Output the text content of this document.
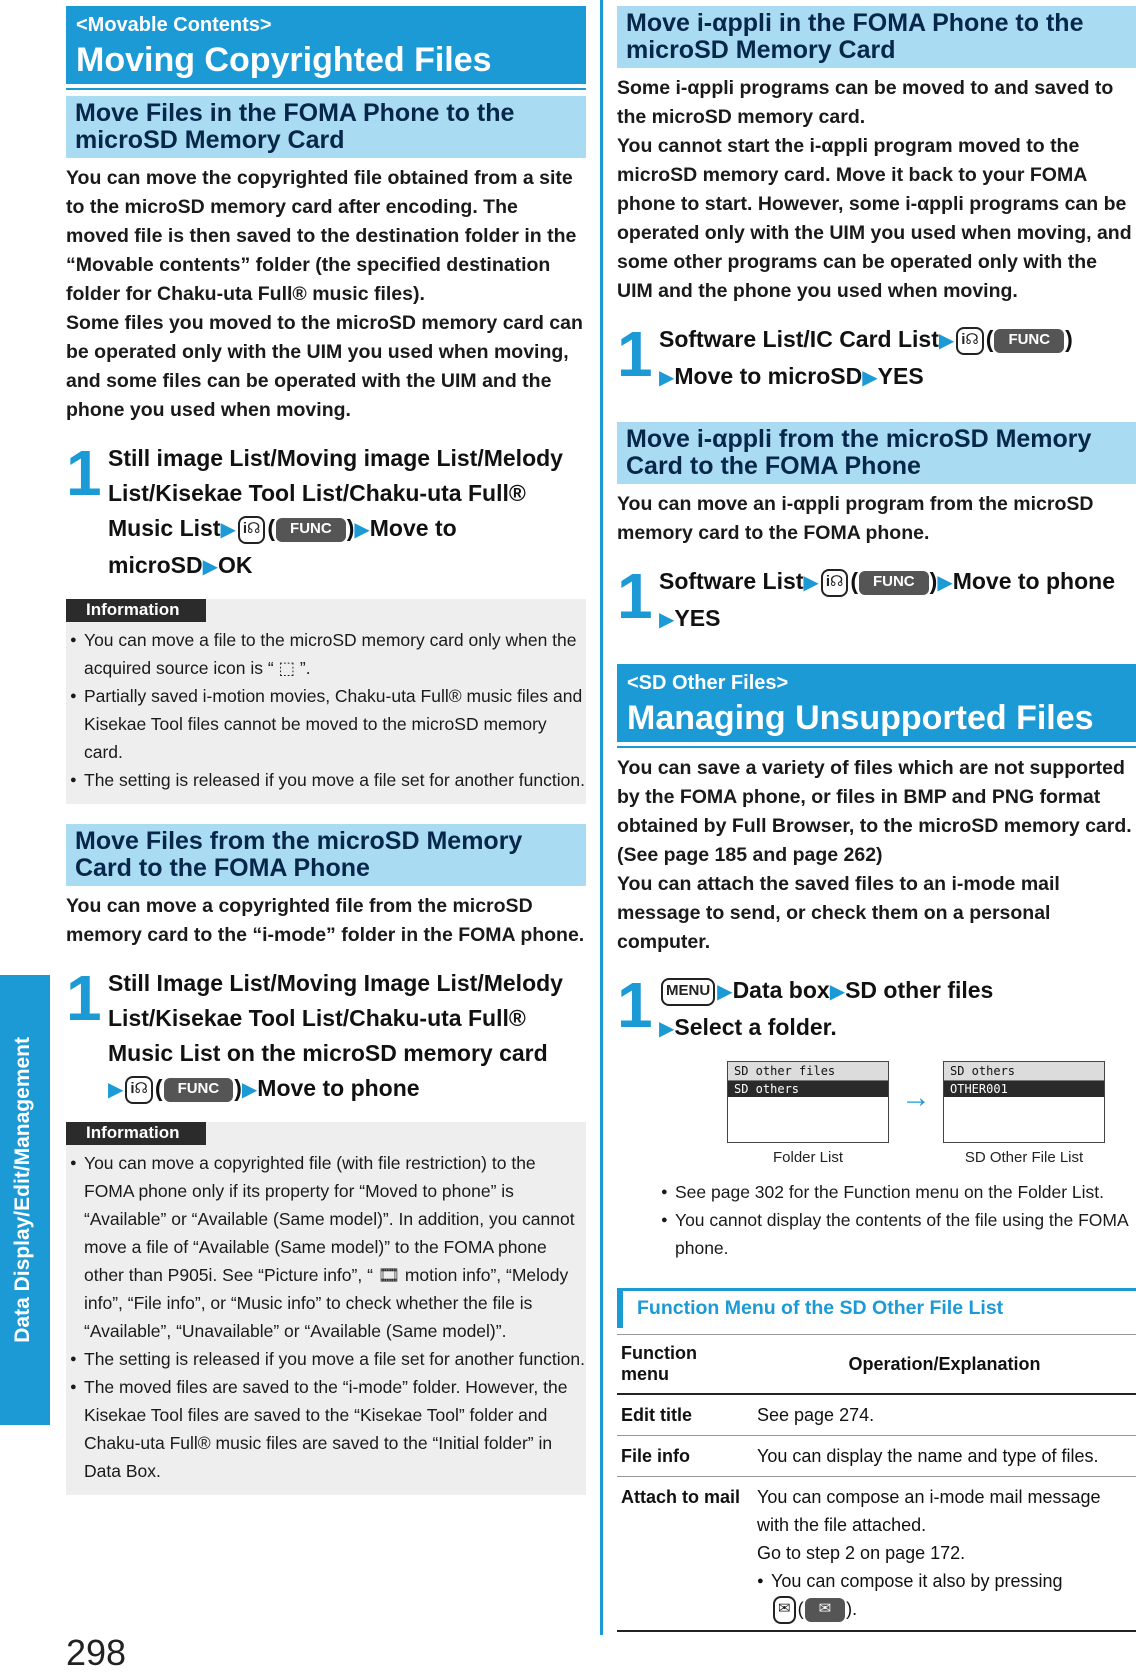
Data Display/Edit/Management
<Movable Contents>
Moving Copyrighted Files
Move Files in the FOMA Phone to the microSD Memory Card

You can move the copyrighted file obtained from a site to the microSD memory card after encoding. The moved file is then saved to the destination folder in the “Movable contents” folder (the specified destination folder for Chaku-uta Full® music files).

Some files you moved to the microSD memory card can be operated only with the UIM you used when moving, and some files can be operated with the UIM and the phone you used when moving.

1 Still image List/Moving image List/Melody List/Kisekae Tool List/Chaku-uta Full® Music List▶ i☊ ( FUNC )▶Move to microSD▶OK
Information
● You can move a file to the microSD memory card only when the acquired source icon is “ ⬚ ”.
● Partially saved i-motion movies, Chaku-uta Full® music files and Kisekae Tool files cannot be moved to the microSD memory card.
● The setting is released if you move a file set for another function.
Move Files from the microSD Memory Card to the FOMA Phone

You can move a copyrighted file from the microSD memory card to the “i-mode” folder in the FOMA phone.

1 Still Image List/Moving Image List/Melody List/Kisekae Tool List/Chaku-uta Full® Music List on the microSD memory card
▶ i☊ ( FUNC )▶Move to phone
Information
● You can move a copyrighted file (with file restriction) to the FOMA phone only if its property for “Moved to phone” is “Available” or “Available (Same model)”. In addition, you cannot move a file of “Available (Same model)” to the FOMA phone other than P905i. See “Picture info”, “ 🎞 motion info”, “Melody info”, “File info”, or “Music info” to check whether the file is “Available”, “Unavailable” or “Available (Same model)”.
● The setting is released if you move a file set for another function.
● The moved files are saved to the “i-mode” folder. However, the Kisekae Tool files are saved to the “Kisekae Tool” folder and Chaku-uta Full® music files are saved to the “Initial folder” in Data Box.
Move i-αppli in the FOMA Phone to the microSD Memory Card

Some i-αppli programs can be moved to and saved to the microSD memory card.

You cannot start the i-αppli program moved to the microSD memory card. Move it back to your FOMA phone to start. However, some i-αppli programs can be operated only with the UIM you used when moving, and some other programs can be operated only with the UIM and the phone you used when moving.

1 Software List/IC Card List▶ i☊ ( FUNC )
▶Move to microSD▶YES
Move i-αppli from the microSD Memory Card to the FOMA Phone

You can move an i-αppli program from the microSD memory card to the FOMA phone.

1 Software List▶ i☊ ( FUNC )▶Move to phone
▶YES
<SD Other Files>
Managing Unsupported Files

You can save a variety of files which are not supported by the FOMA phone, or files in BMP and PNG format obtained by Full Browser, to the microSD memory card. (See page 185 and page 262)

You can attach the saved files to an i-mode mail message to send, or check them on a personal computer.

1 MENU ▶Data box▶SD other files
▶Select a folder.
SD other files
SD others
Folder List
→
SD others
OTHER001
SD Other File List
● See page 302 for the Function menu on the Folder List.
● You cannot display the contents of the file using the FOMA phone.
Function Menu of the SD Other File List
Function menu	Operation/Explanation
Edit title	See page 274.
File info	You can display the name and type of files.
Attach to mail	You can compose an i-mode mail message with the file attached.
Go to step 2 on page 172.
● You can compose it also by pressing
✉ ( ✉ ).
298
